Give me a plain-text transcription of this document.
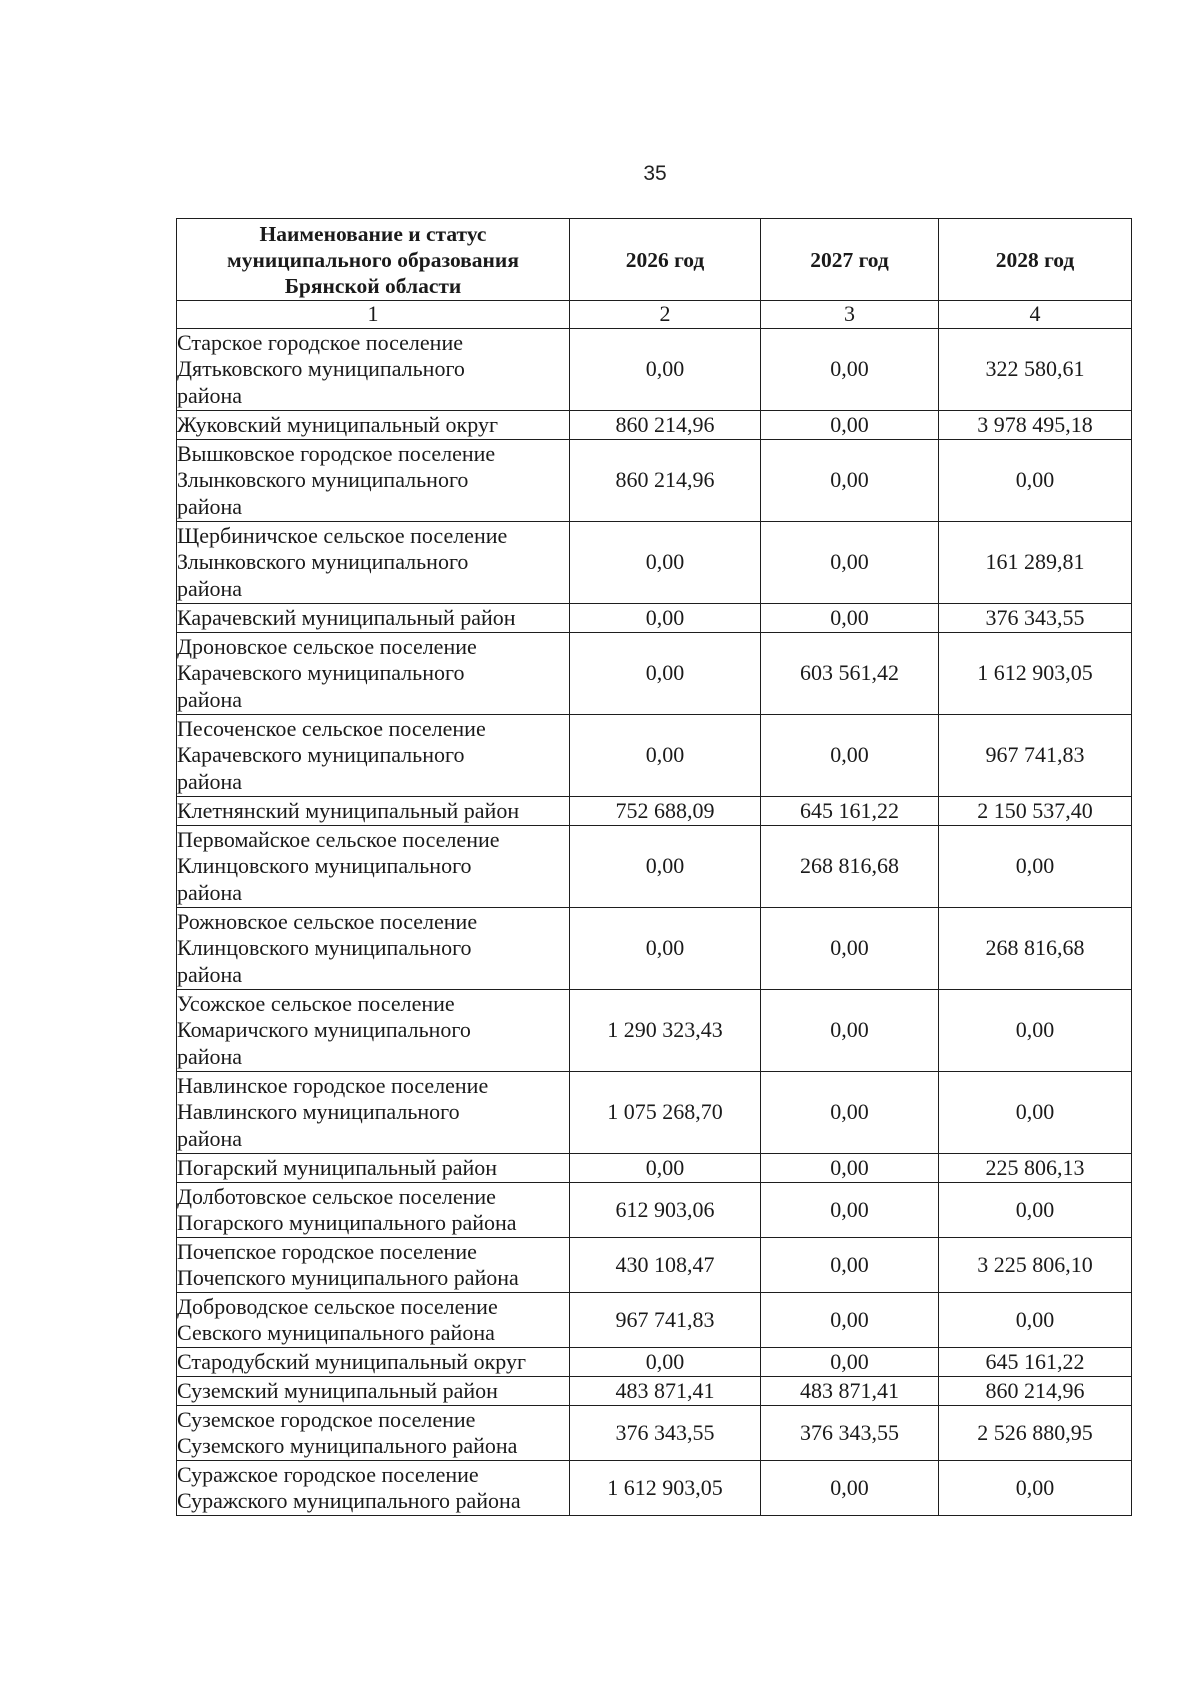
35
Наименование и статус
муниципального образования
Брянской области	2026 год	2027 год	2028 год
1	2	3	4

Старское городское поселение
Дятьковского муниципального
района	0,00	0,00	322 580,61

Жуковский муниципальный округ	860 214,96	0,00	3 978 495,18

Вышковское городское поселение
Злынковского муниципального
района	860 214,96	0,00	0,00

Щербиничское сельское поселение
Злынковского муниципального
района	0,00	0,00	161 289,81

Карачевский муниципальный район	0,00	0,00	376 343,55

Дроновское сельское поселение
Карачевского муниципального
района	0,00	603 561,42	1 612 903,05

Песоченское сельское поселение
Карачевского муниципального
района	0,00	0,00	967 741,83

Клетнянский муниципальный район	752 688,09	645 161,22	2 150 537,40

Первомайское сельское поселение
Клинцовского муниципального
района	0,00	268 816,68	0,00

Рожновское сельское поселение
Клинцовского муниципального
района	0,00	0,00	268 816,68

Усожское сельское поселение
Комаричского муниципального
района	1 290 323,43	0,00	0,00

Навлинское городское поселение
Навлинского муниципального
района	1 075 268,70	0,00	0,00

Погарский муниципальный район	0,00	0,00	225 806,13

Долботовское сельское поселение
Погарского муниципального района	612 903,06	0,00	0,00

Почепское городское поселение
Почепского муниципального района	430 108,47	0,00	3 225 806,10

Доброводское сельское поселение
Севского муниципального района	967 741,83	0,00	0,00

Стародубский муниципальный округ	0,00	0,00	645 161,22

Суземский муниципальный район	483 871,41	483 871,41	860 214,96

Суземское городское поселение
Суземского муниципального района	376 343,55	376 343,55	2 526 880,95

Суражское городское поселение
Суражского муниципального района	1 612 903,05	0,00	0,00
